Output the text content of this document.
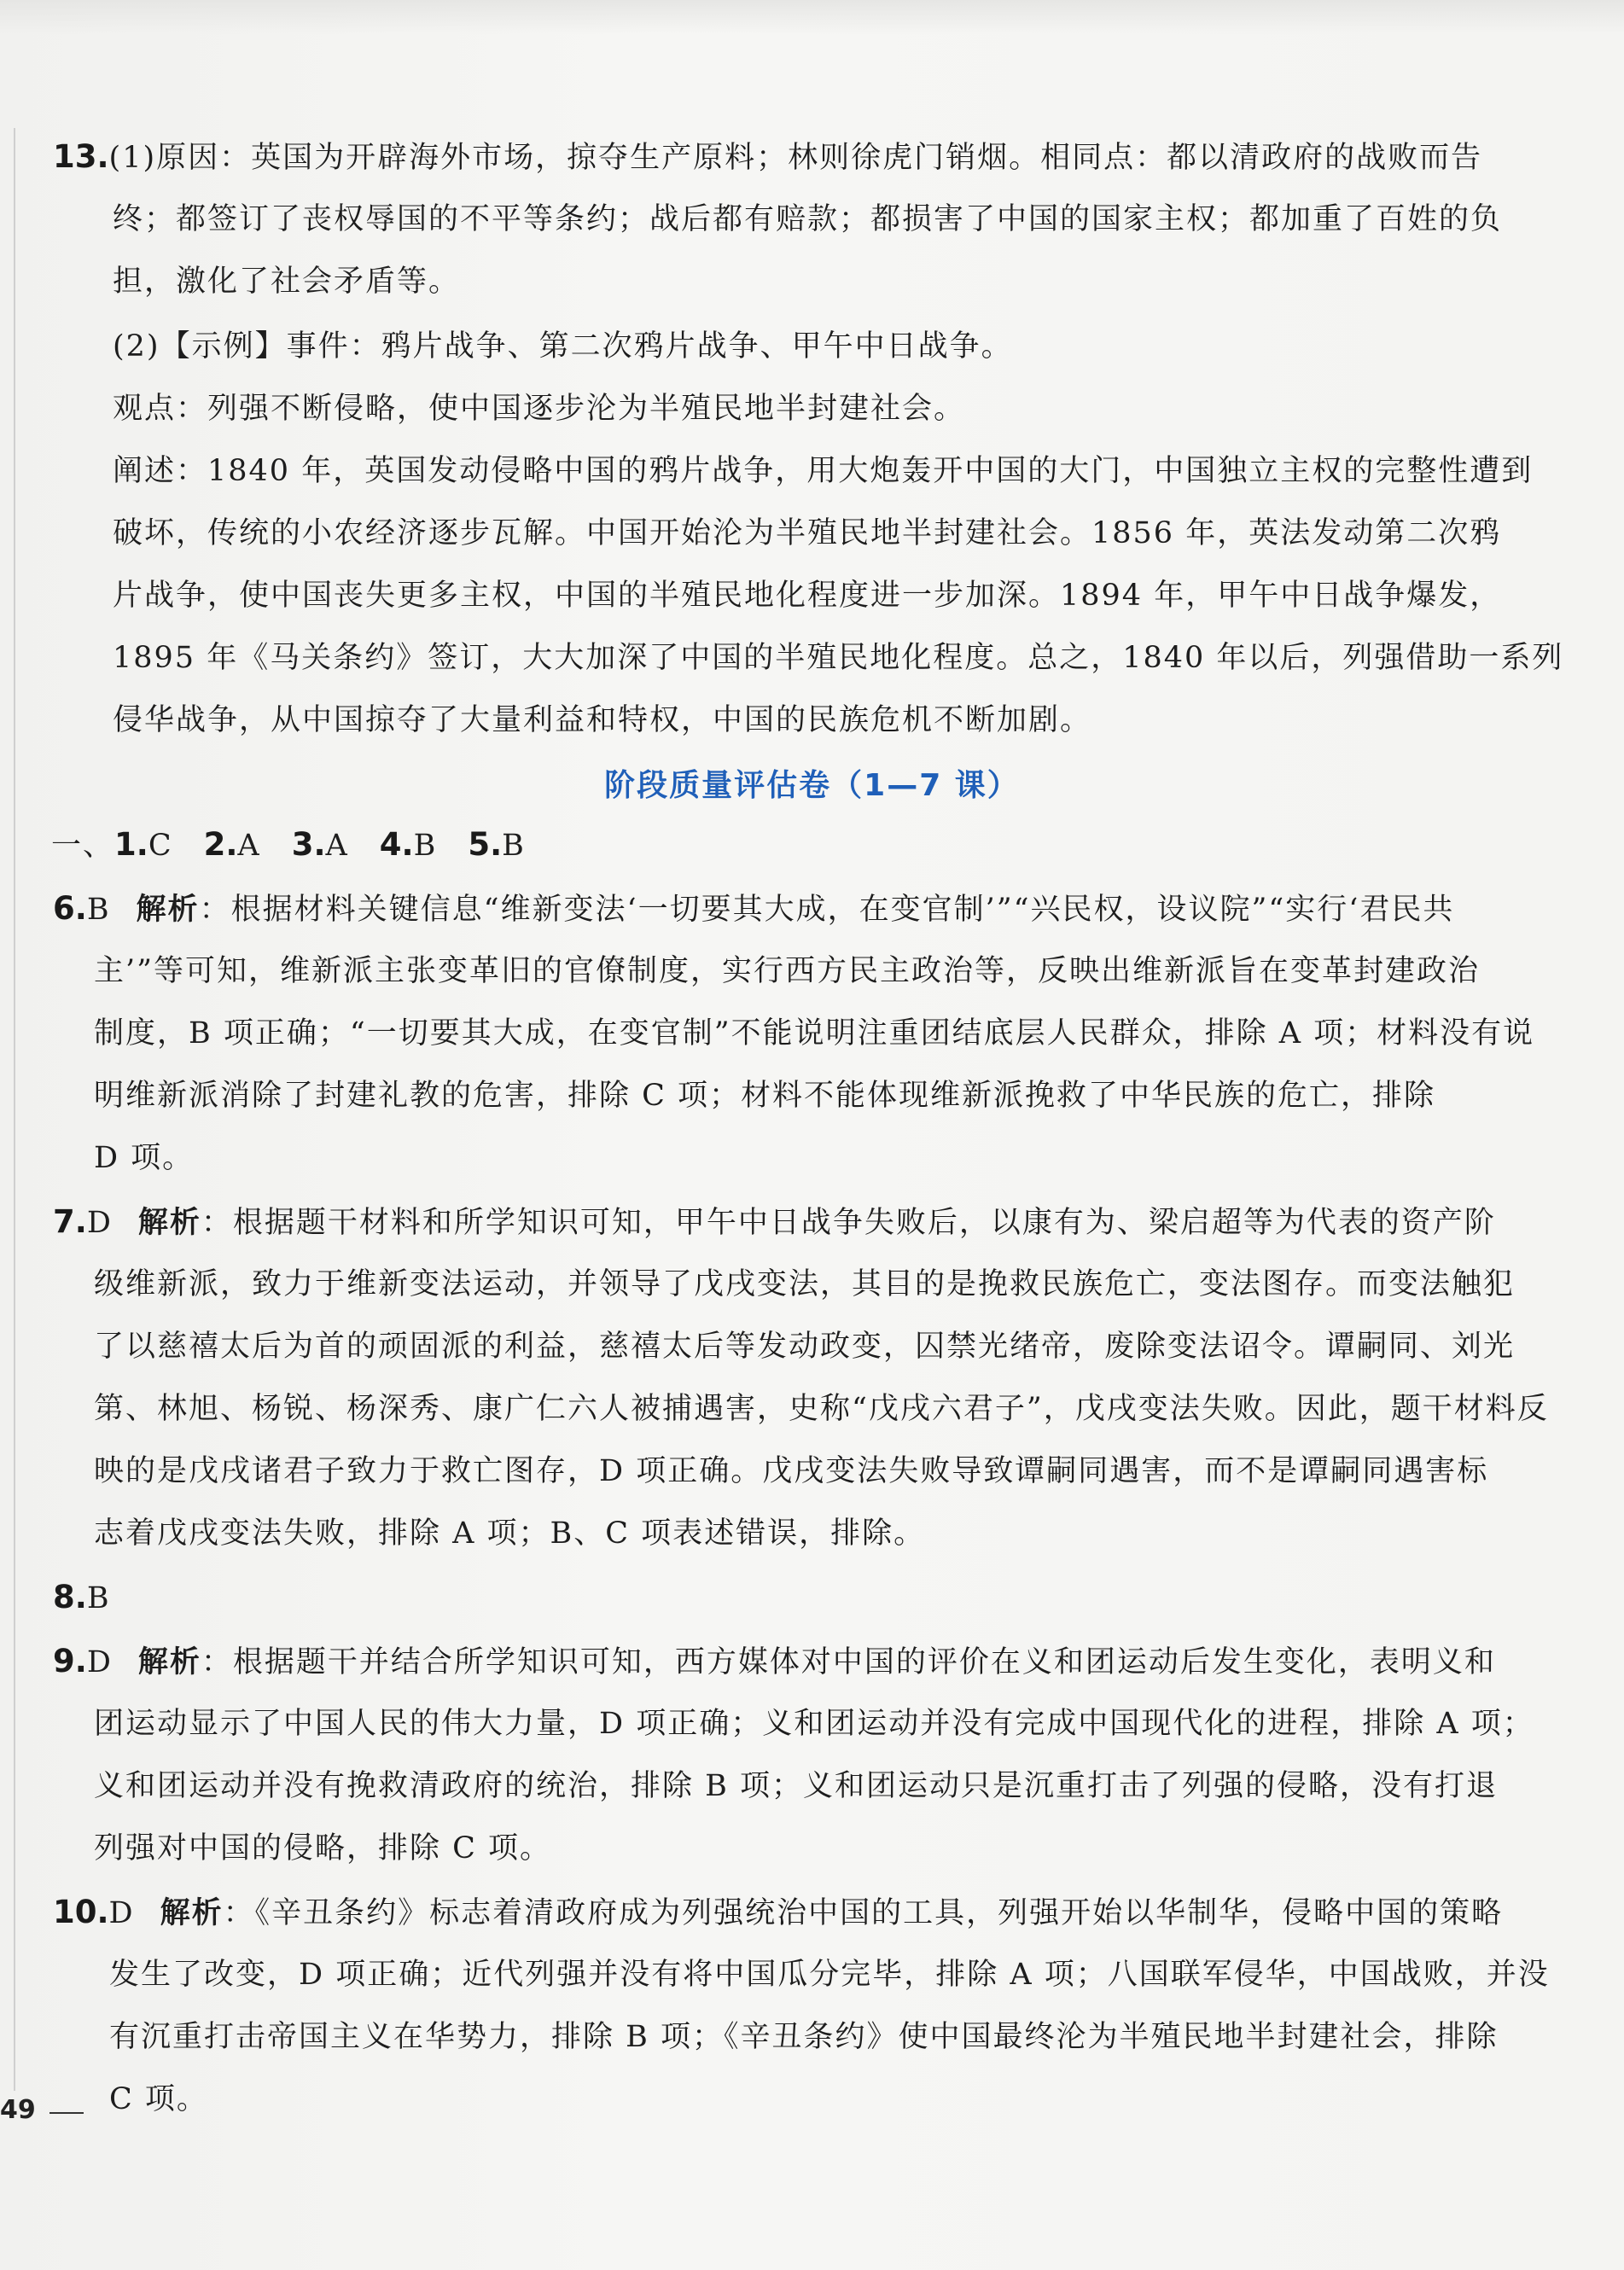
13.(1)原因：英国为开辟海外市场，掠夺生产原料；林则徐虎门销烟。相同点：都以清政府的战败而告
终；都签订了丧权辱国的不平等条约；战后都有赔款；都损害了中国的国家主权；都加重了百姓的负
担，激化了社会矛盾等。
(2)【示例】事件：鸦片战争、第二次鸦片战争、甲午中日战争。
观点：列强不断侵略，使中国逐步沦为半殖民地半封建社会。
阐述：1840 年，英国发动侵略中国的鸦片战争，用大炮轰开中国的大门，中国独立主权的完整性遭到
破坏，传统的小农经济逐步瓦解。中国开始沦为半殖民地半封建社会。1856 年，英法发动第二次鸦
片战争，使中国丧失更多主权，中国的半殖民地化程度进一步加深。1894 年，甲午中日战争爆发，
1895 年《马关条约》签订，大大加深了中国的半殖民地化程度。总之，1840 年以后，列强借助一系列
侵华战争，从中国掠夺了大量利益和特权，中国的民族危机不断加剧。
阶段质量评估卷（1—7 课）
一、1.C 2.A 3.A 4.B 5.B
6.B 解析：根据材料关键信息“维新变法‘一切要其大成，在变官制’”“兴民权，设议院”“实行‘君民共
主’”等可知，维新派主张变革旧的官僚制度，实行西方民主政治等，反映出维新派旨在变革封建政治
制度，B 项正确；“一切要其大成，在变官制”不能说明注重团结底层人民群众，排除 A 项；材料没有说
明维新派消除了封建礼教的危害，排除 C 项；材料不能体现维新派挽救了中华民族的危亡，排除
D 项。
7.D 解析：根据题干材料和所学知识可知，甲午中日战争失败后，以康有为、梁启超等为代表的资产阶
级维新派，致力于维新变法运动，并领导了戊戌变法，其目的是挽救民族危亡，变法图存。而变法触犯
了以慈禧太后为首的顽固派的利益，慈禧太后等发动政变，囚禁光绪帝，废除变法诏令。谭嗣同、刘光
第、林旭、杨锐、杨深秀、康广仁六人被捕遇害，史称“戊戌六君子”，戊戌变法失败。因此，题干材料反
映的是戊戌诸君子致力于救亡图存，D 项正确。戊戌变法失败导致谭嗣同遇害，而不是谭嗣同遇害标
志着戊戌变法失败，排除 A 项；B、C 项表述错误，排除。
8.B
9.D 解析：根据题干并结合所学知识可知，西方媒体对中国的评价在义和团运动后发生变化，表明义和
团运动显示了中国人民的伟大力量，D 项正确；义和团运动并没有完成中国现代化的进程，排除 A 项；
义和团运动并没有挽救清政府的统治，排除 B 项；义和团运动只是沉重打击了列强的侵略，没有打退
列强对中国的侵略，排除 C 项。
10.D 解析：《辛丑条约》标志着清政府成为列强统治中国的工具，列强开始以华制华，侵略中国的策略
发生了改变，D 项正确；近代列强并没有将中国瓜分完毕，排除 A 项；八国联军侵华，中国战败，并没
有沉重打击帝国主义在华势力，排除 B 项；《辛丑条约》使中国最终沦为半殖民地半封建社会，排除
C 项。
49
